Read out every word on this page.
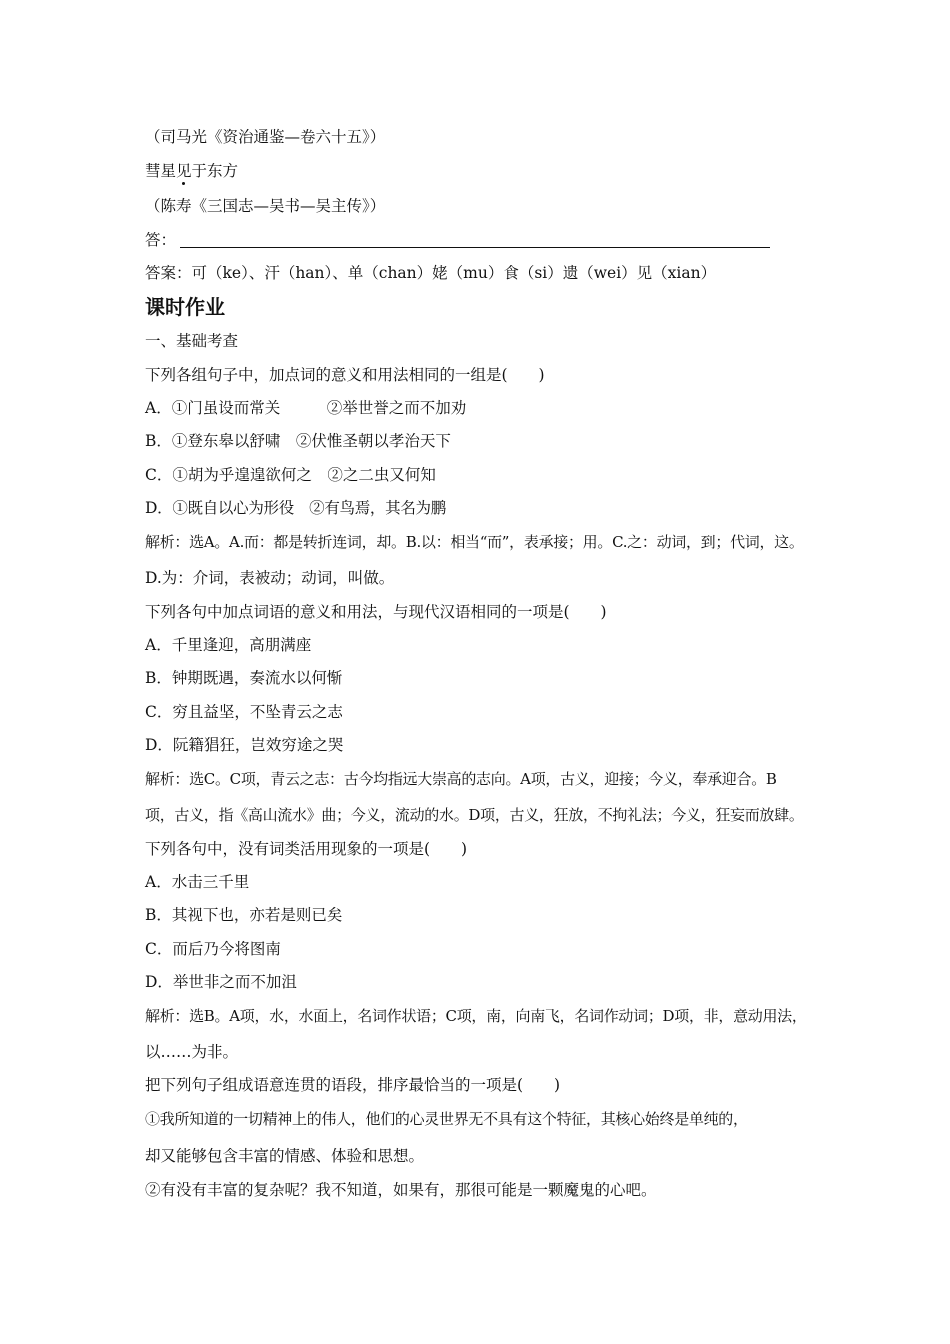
（司马光《资治通鉴—卷六十五》）

彗星见于东方

（陈寿《三国志—吴书—吴主传》）

答：

答案：可（ke）、汗（han）、单（chan）姥（mu）食（si）遗（wei）见（xian）

课时作业

一、基础考查

下列各组句子中，加点词的意义和用法相同的一组是(　　)

A．①门虽设而常关　　　②举世誉之而不加劝

B．①登东皋以舒啸　②伏惟圣朝以孝治天下

C．①胡为乎遑遑欲何之　②之二虫又何知

D．①既自以心为形役　②有鸟焉，其名为鹏

解析：选A。A.而：都是转折连词，却。B.以：相当“而”，表承接；用。C.之：动词，到；代词，这。

D.为：介词，表被动；动词，叫做。

下列各句中加点词语的意义和用法，与现代汉语相同的一项是(　　)

A．千里逢迎，高朋满座

B．钟期既遇，奏流水以何惭

C．穷且益坚，不坠青云之志

D．阮籍猖狂，岂效穷途之哭

解析：选C。C项，青云之志：古今均指远大崇高的志向。A项，古义，迎接；今义，奉承迎合。B

项，古义，指《高山流水》曲；今义，流动的水。D项，古义，狂放，不拘礼法；今义，狂妄而放肆。

下列各句中，没有词类活用现象的一项是(　　)

A．水击三千里

B．其视下也，亦若是则已矣

C．而后乃今将图南

D．举世非之而不加沮

解析：选B。A项，水，水面上，名词作状语；C项，南，向南飞，名词作动词；D项，非，意动用法，

以……为非。

把下列句子组成语意连贯的语段，排序最恰当的一项是(　　)

①我所知道的一切精神上的伟人，他们的心灵世界无不具有这个特征，其核心始终是单纯的，

却又能够包含丰富的情感、体验和思想。

②有没有丰富的复杂呢？我不知道，如果有，那很可能是一颗魔鬼的心吧。
